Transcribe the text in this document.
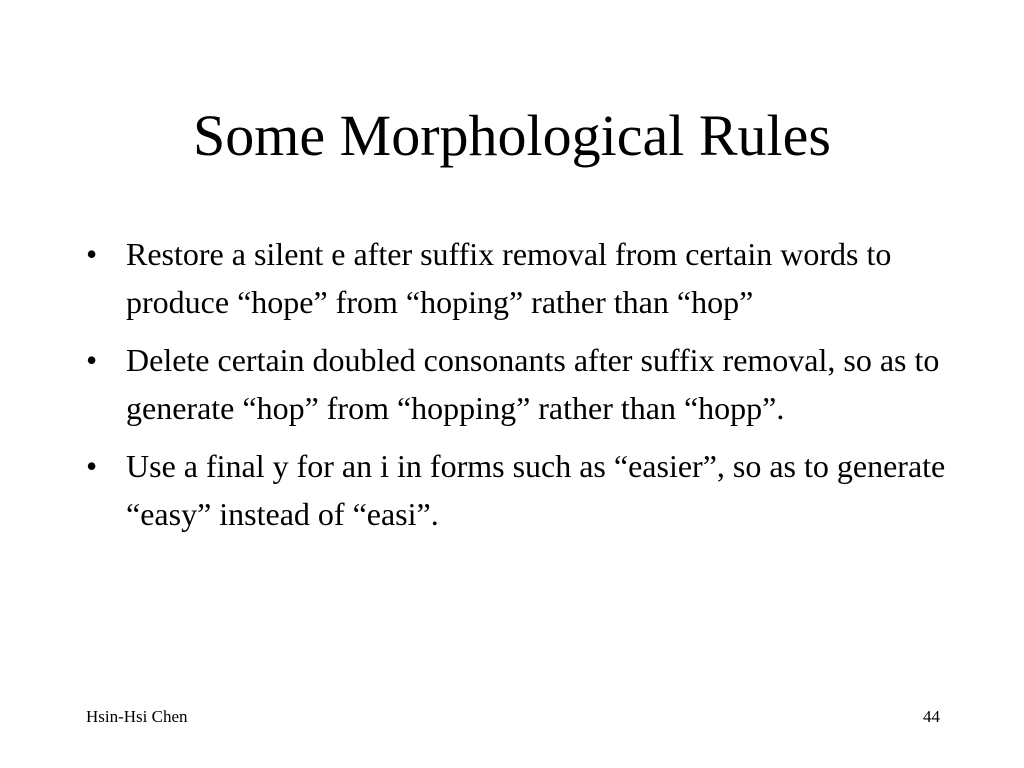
Some Morphological Rules
• Restore a silent e after suffix removal from certain words to produce “hope” from “hoping” rather than “hop”
• Delete certain doubled consonants after suffix removal, so as to generate “hop” from “hopping” rather than “hopp”.
• Use a final y for an i in forms such as “easier”, so as to generate “easy” instead of “easi”.
Hsin-Hsi Chen	44
